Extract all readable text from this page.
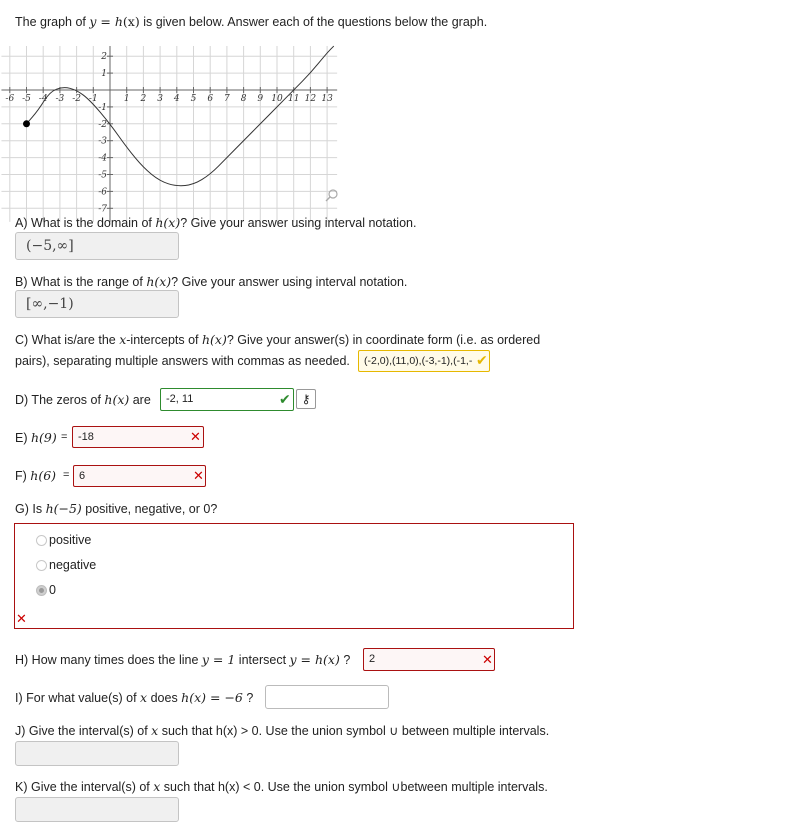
The graph of y = h(x) is given below. Answer each of the questions below the graph.
-6 -5 -4 -3 -2 -1	1 2 3 4 5 6 7 8 9 10 11 12 13
2
1
-1
-2
-3
-4
-5
-6
-7
A) What is the domain of h(x)? Give your answer using interval notation.
(−5,∞]
B) What is the range of h(x)? Give your answer using interval notation.
[∞,−1)
C) What is/are the x-intercepts of h(x)? Give your answer(s) in coordinate form (i.e. as ordered
pairs), separating multiple answers with commas as needed.	(-2,0),(11,0),(-3,-1),(-1,- ✔
D) The zeros of h(x) are	-2, 11	✔ ⚷
E) h(9) = -18	✕
F) h(6) = 6	✕
G) Is h(−5) positive, negative, or 0?
positive
negative
0
✕
H) How many times does the line y = 1 intersect y = h(x) ?	2	✕
I) For what value(s) of x does h(x) = −6 ?
J) Give the interval(s) of x such that h(x) > 0. Use the union symbol ∪ between multiple intervals.
K) Give the interval(s) of x such that h(x) < 0. Use the union symbol ∪between multiple intervals.
